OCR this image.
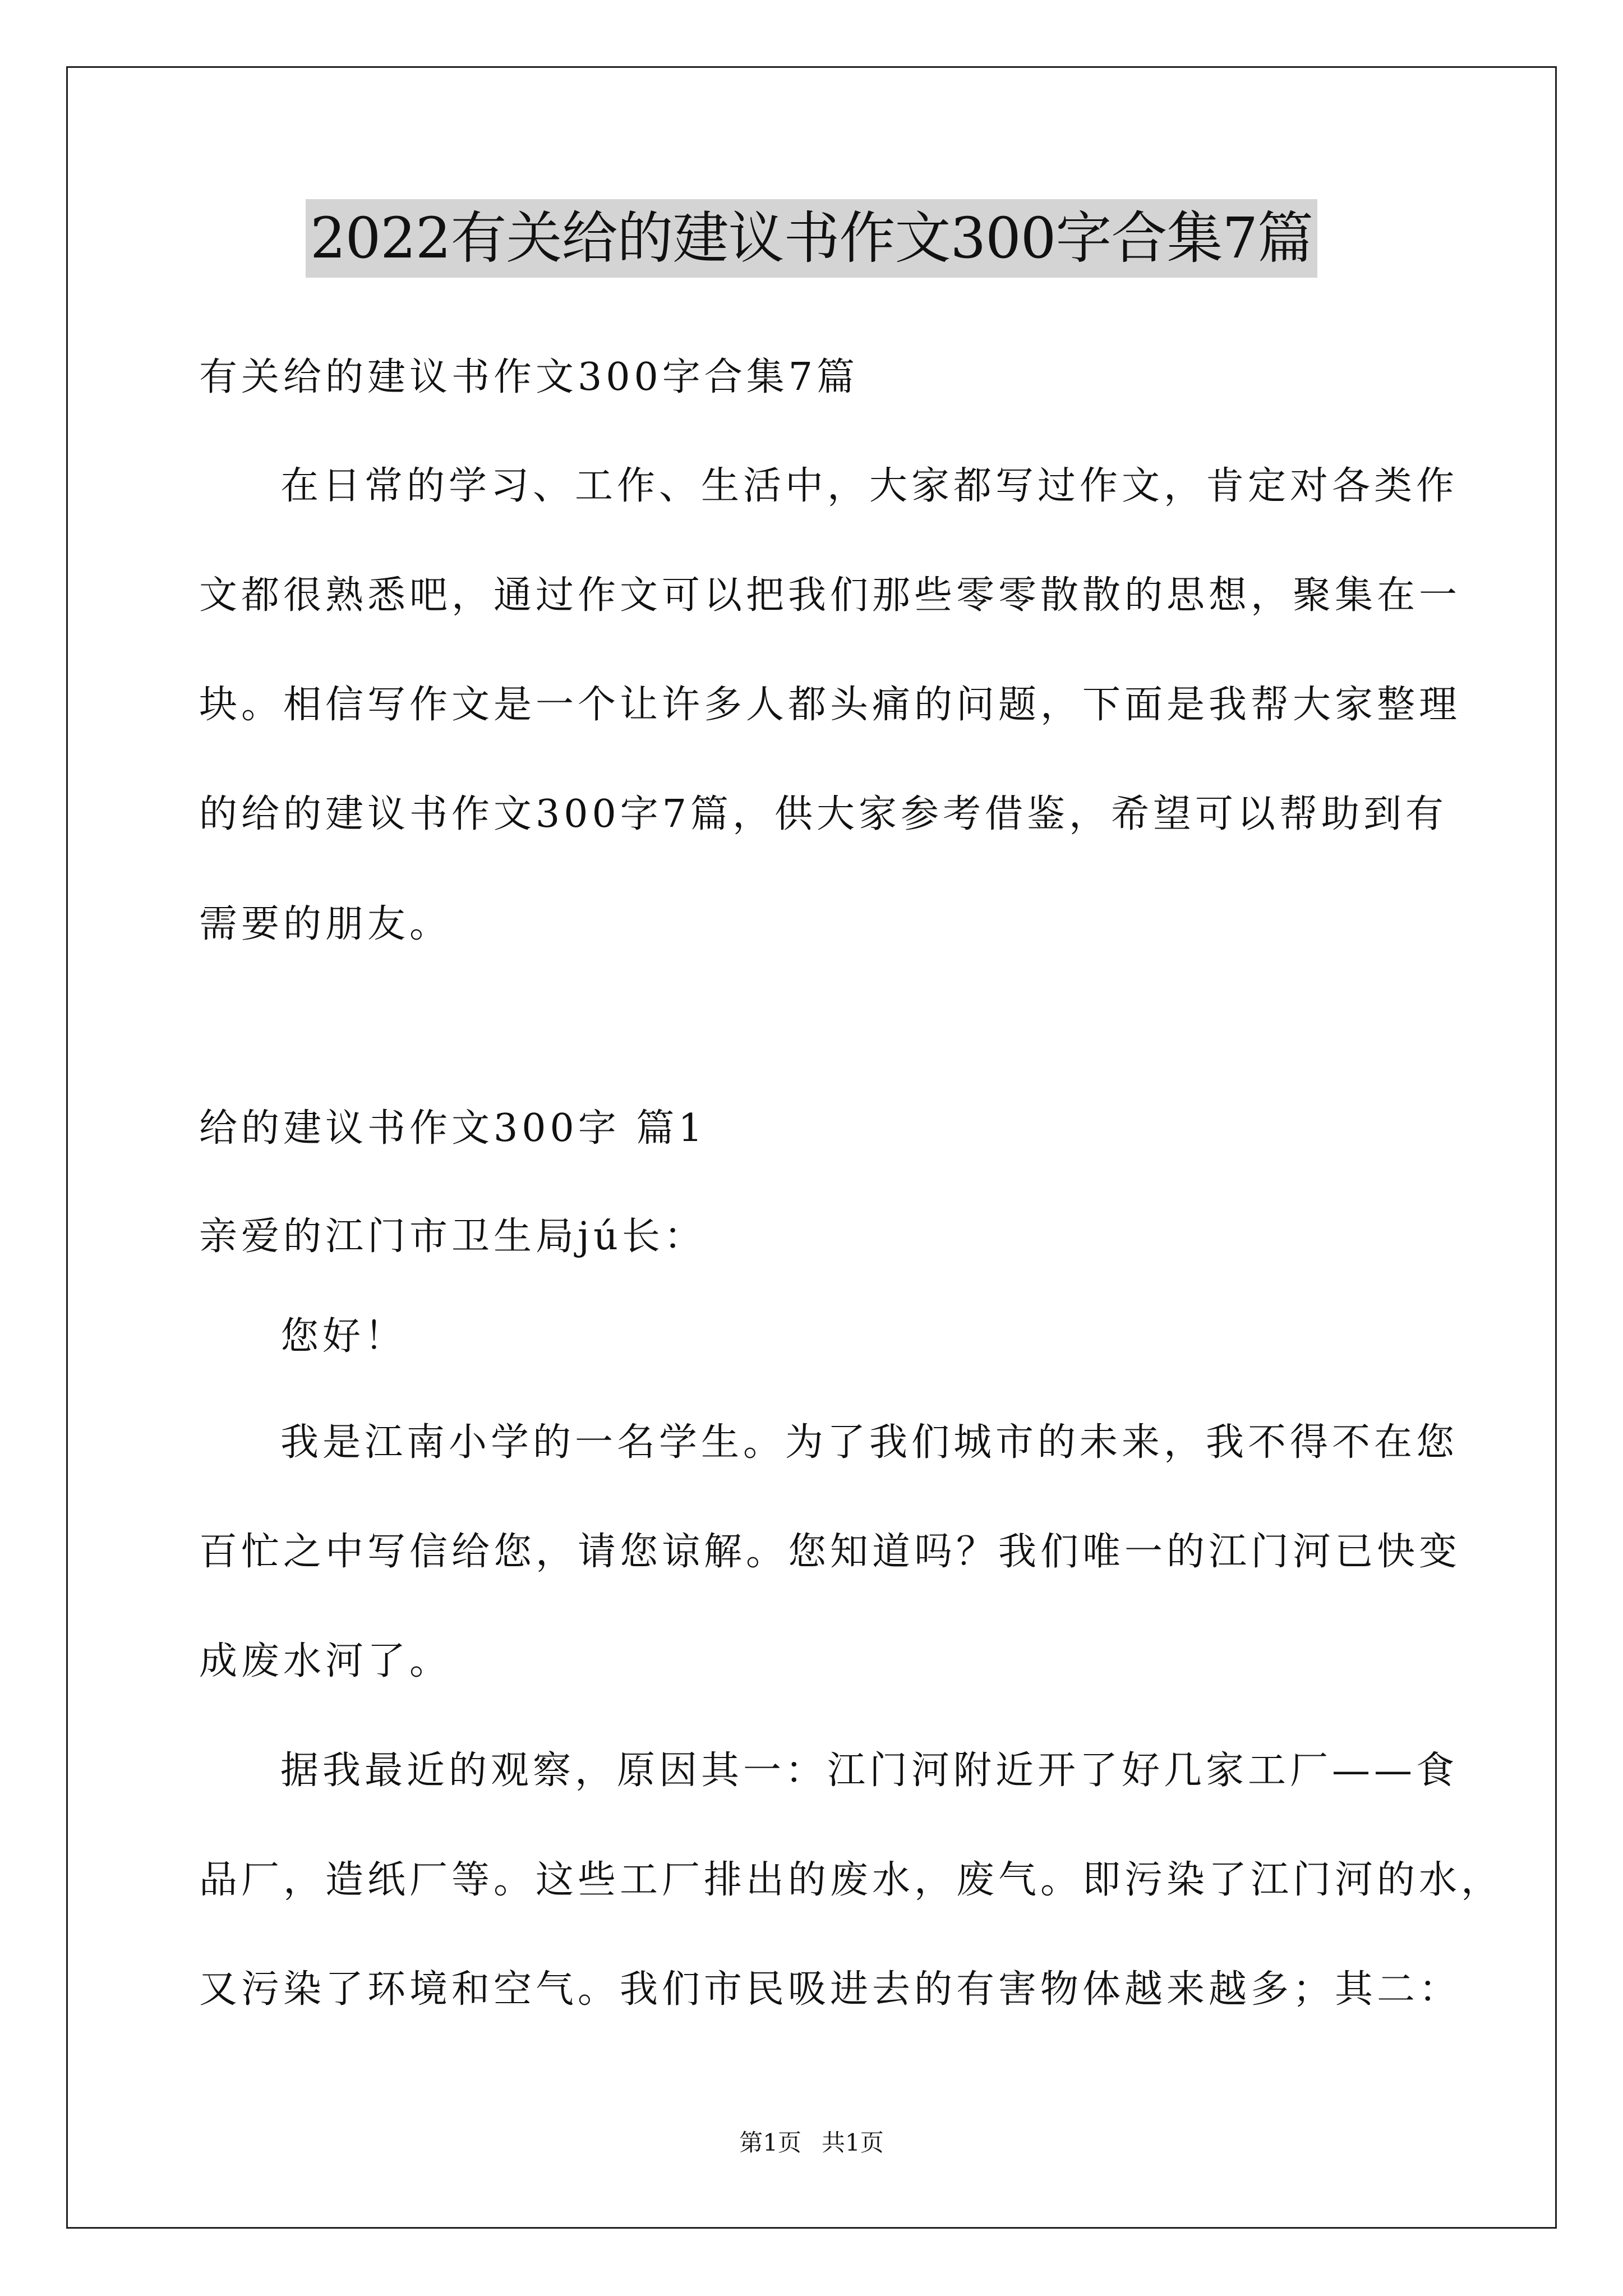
2022有关给的建议书作文300字合集7篇
有关给的建议书作文300字合集7篇
在日常的学习、工作、生活中，大家都写过作文，肯定对各类作
文都很熟悉吧，通过作文可以把我们那些零零散散的思想，聚集在一
块。相信写作文是一个让许多人都头痛的问题，下面是我帮大家整理
的给的建议书作文300字7篇，供大家参考借鉴，希望可以帮助到有
需要的朋友。
给的建议书作文300字 篇1
亲爱的江门市卫生局jú长：
您好！
我是江南小学的一名学生。为了我们城市的未来，我不得不在您
百忙之中写信给您，请您谅解。您知道吗？我们唯一的江门河已快变
成废水河了。
据我最近的观察，原因其一：江门河附近开了好几家工厂——食
品厂，造纸厂等。这些工厂排出的废水，废气。即污染了江门河的水，
又污染了环境和空气。我们市民吸进去的有害物体越来越多；其二：
第1页 共1页
